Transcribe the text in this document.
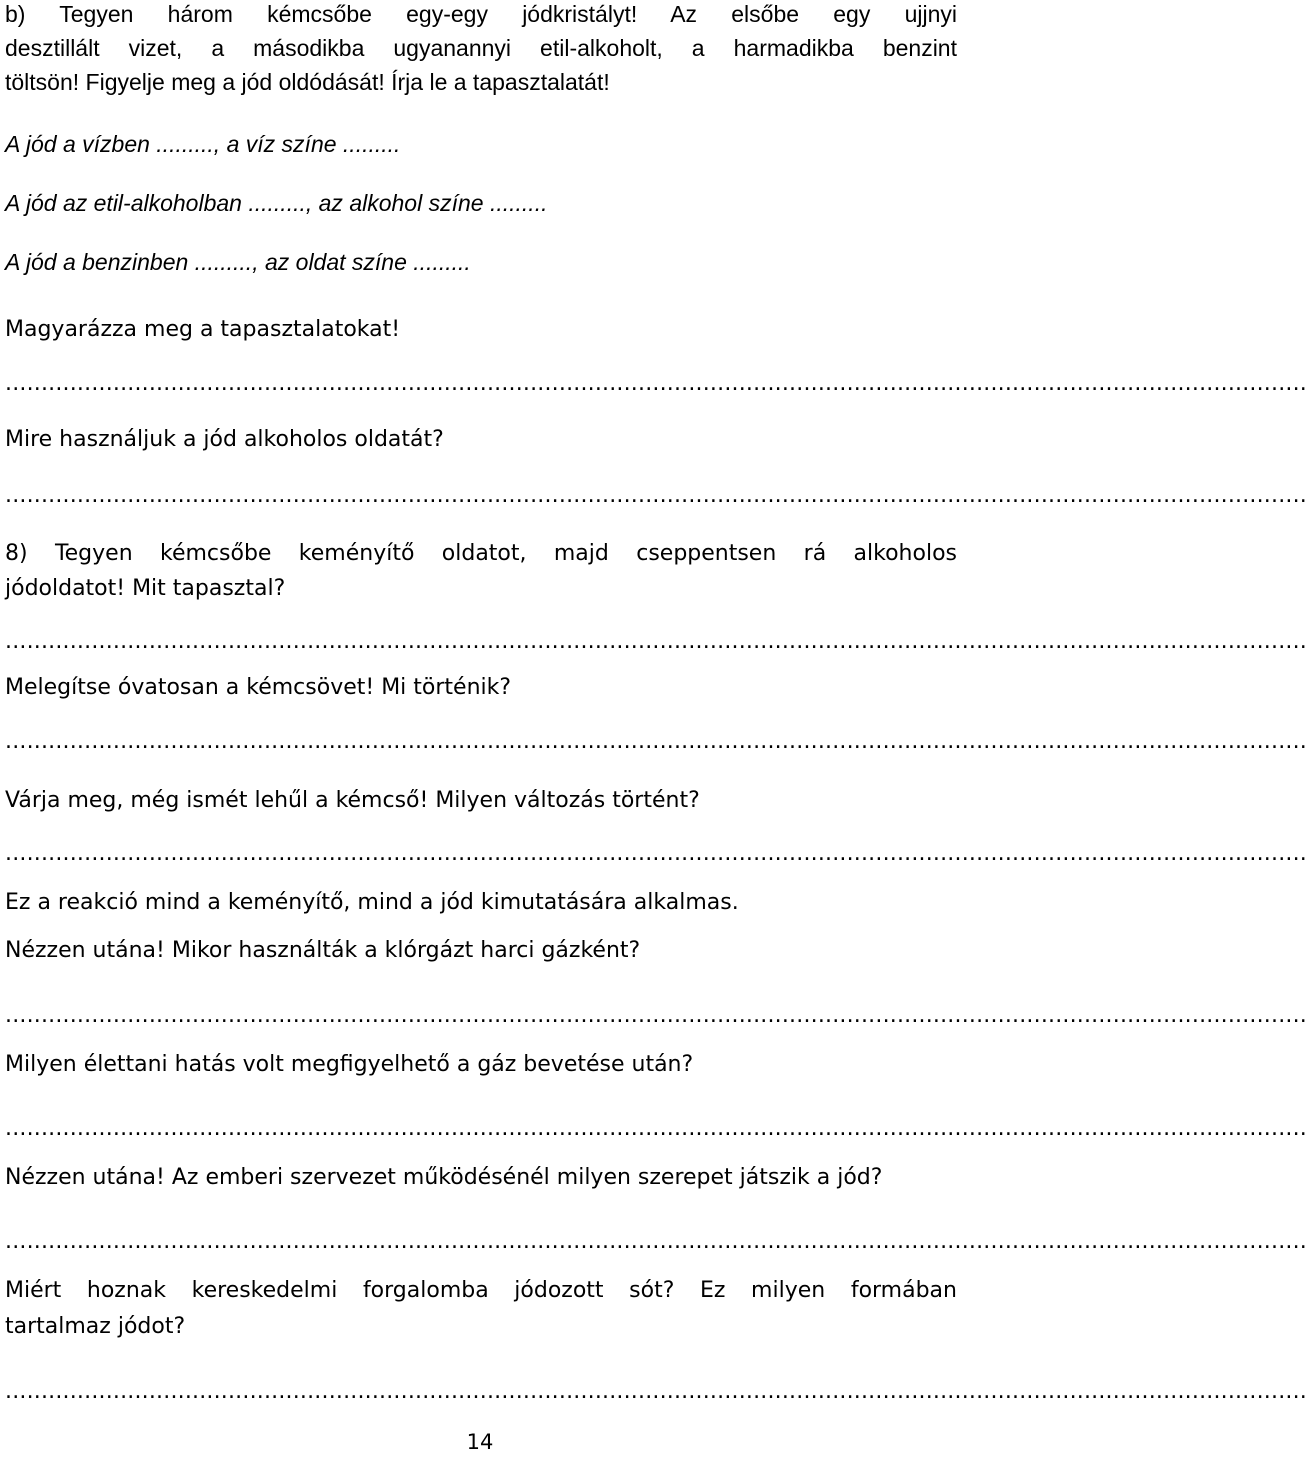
b) Tegyen három kémcsőbe egy-egy jódkristályt! Az elsőbe egy ujjnyi
desztillált vizet, a másodikba ugyanannyi etil-alkoholt, a harmadikba benzint
töltsön! Figyelje meg a jód oldódását! Írja le a tapasztalatát!
A jód a vízben ........., a víz színe .........
A jód az etil-alkoholban ........., az alkohol színe .........
A jód a benzinben ........., az oldat színe .........
Magyarázza meg a tapasztalatokat!
.....................................................................................................................................................................................
Mire használjuk a jód alkoholos oldatát?
.....................................................................................................................................................................................
8) Tegyen kémcsőbe keményítő oldatot, majd cseppentsen rá alkoholos
jódoldatot! Mit tapasztal?
.....................................................................................................................................................................................
Melegítse óvatosan a kémcsövet! Mi történik?
.....................................................................................................................................................................................
Várja meg, még ismét lehűl a kémcső! Milyen változás történt?
.....................................................................................................................................................................................
Ez a reakció mind a keményítő, mind a jód kimutatására alkalmas.
Nézzen utána! Mikor használták a klórgázt harci gázként?
.....................................................................................................................................................................................
Milyen élettani hatás volt megfigyelhető a gáz bevetése után?
.....................................................................................................................................................................................
Nézzen utána! Az emberi szervezet működésénél milyen szerepet játszik a jód?
.....................................................................................................................................................................................
Miért hoznak kereskedelmi forgalomba jódozott sót? Ez milyen formában
tartalmaz jódot?
.....................................................................................................................................................................................
14
